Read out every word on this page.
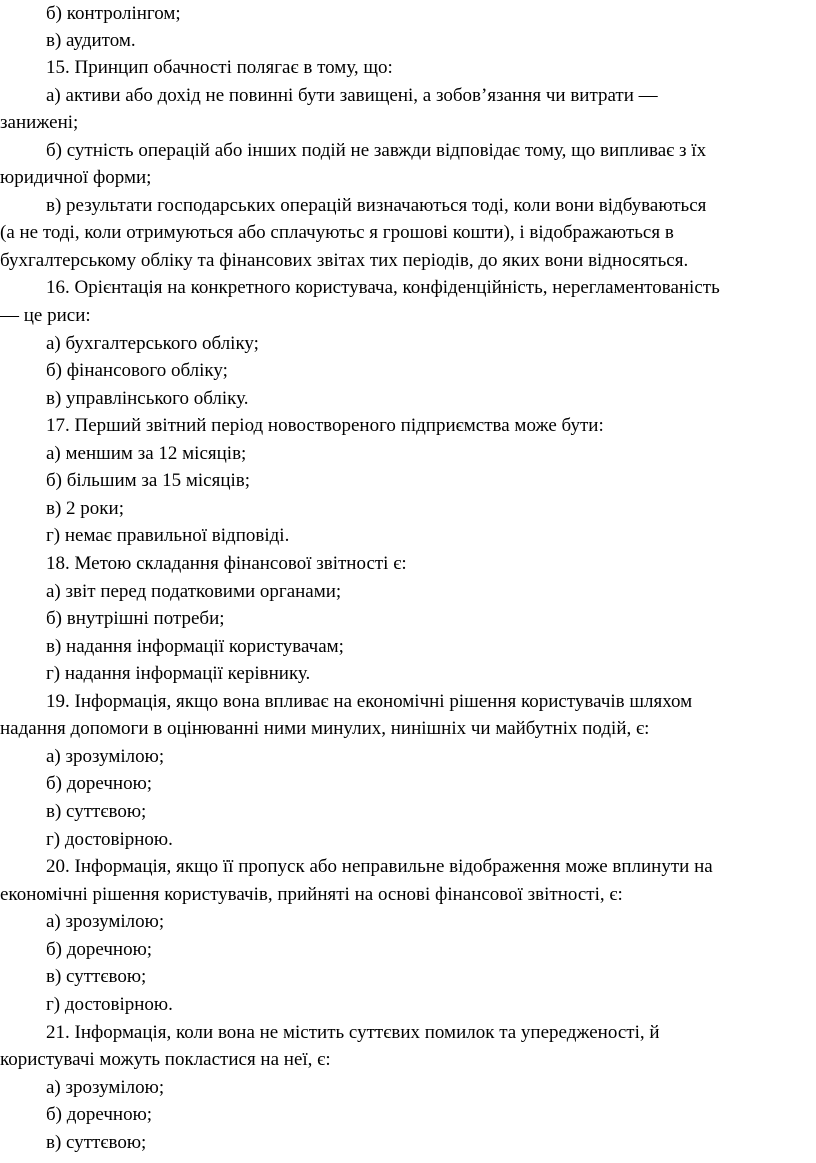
б) контролінгом;
в) аудитом.
15. Принцип обачності полягає в тому, що:
а) активи або дохід не повинні бути завищені, а зобов’язання чи витрати —
занижені;
б) сутність операцій або інших подій не завжди відповідає тому, що випливає з їх
юридичної форми;
в) результати господарських операцій визначаються тоді, коли вони відбуваються
(а не тоді, коли отримуються або сплачуютьс я грошові кошти), і відображаються в
бухгалтерському обліку та фінансових звітах тих періодів, до яких вони відносяться.
16. Орієнтація на конкретного користувача, конфіденційність, нерегламентованість
— це риси:
а) бухгалтерського обліку;
б) фінансового обліку;
в) управлінського обліку.
17. Перший звітний період новоствореного підприємства може бути:
а) меншим за 12 місяців;
б) більшим за 15 місяців;
в) 2 роки;
г) немає правильної відповіді.
18. Метою складання фінансової звітності є:
а) звіт перед податковими органами;
б) внутрішні потреби;
в) надання інформації користувачам;
г) надання інформації керівнику.
19. Інформація, якщо вона впливає на економічні рішення користувачів шляхом
надання допомоги в оцінюванні ними минулих, нинішніх чи майбутніх подій, є:
а) зрозумілою;
б) доречною;
в) суттєвою;
г) достовірною.
20. Інформація, якщо її пропуск або неправильне відображення може вплинути на
економічні рішення користувачів, прийняті на основі фінансової звітності, є:
а) зрозумілою;
б) доречною;
в) суттєвою;
г) достовірною.
21. Інформація, коли вона не містить суттєвих помилок та упередженості, й
користувачі можуть покластися на неї, є:
а) зрозумілою;
б) доречною;
в) суттєвою;
